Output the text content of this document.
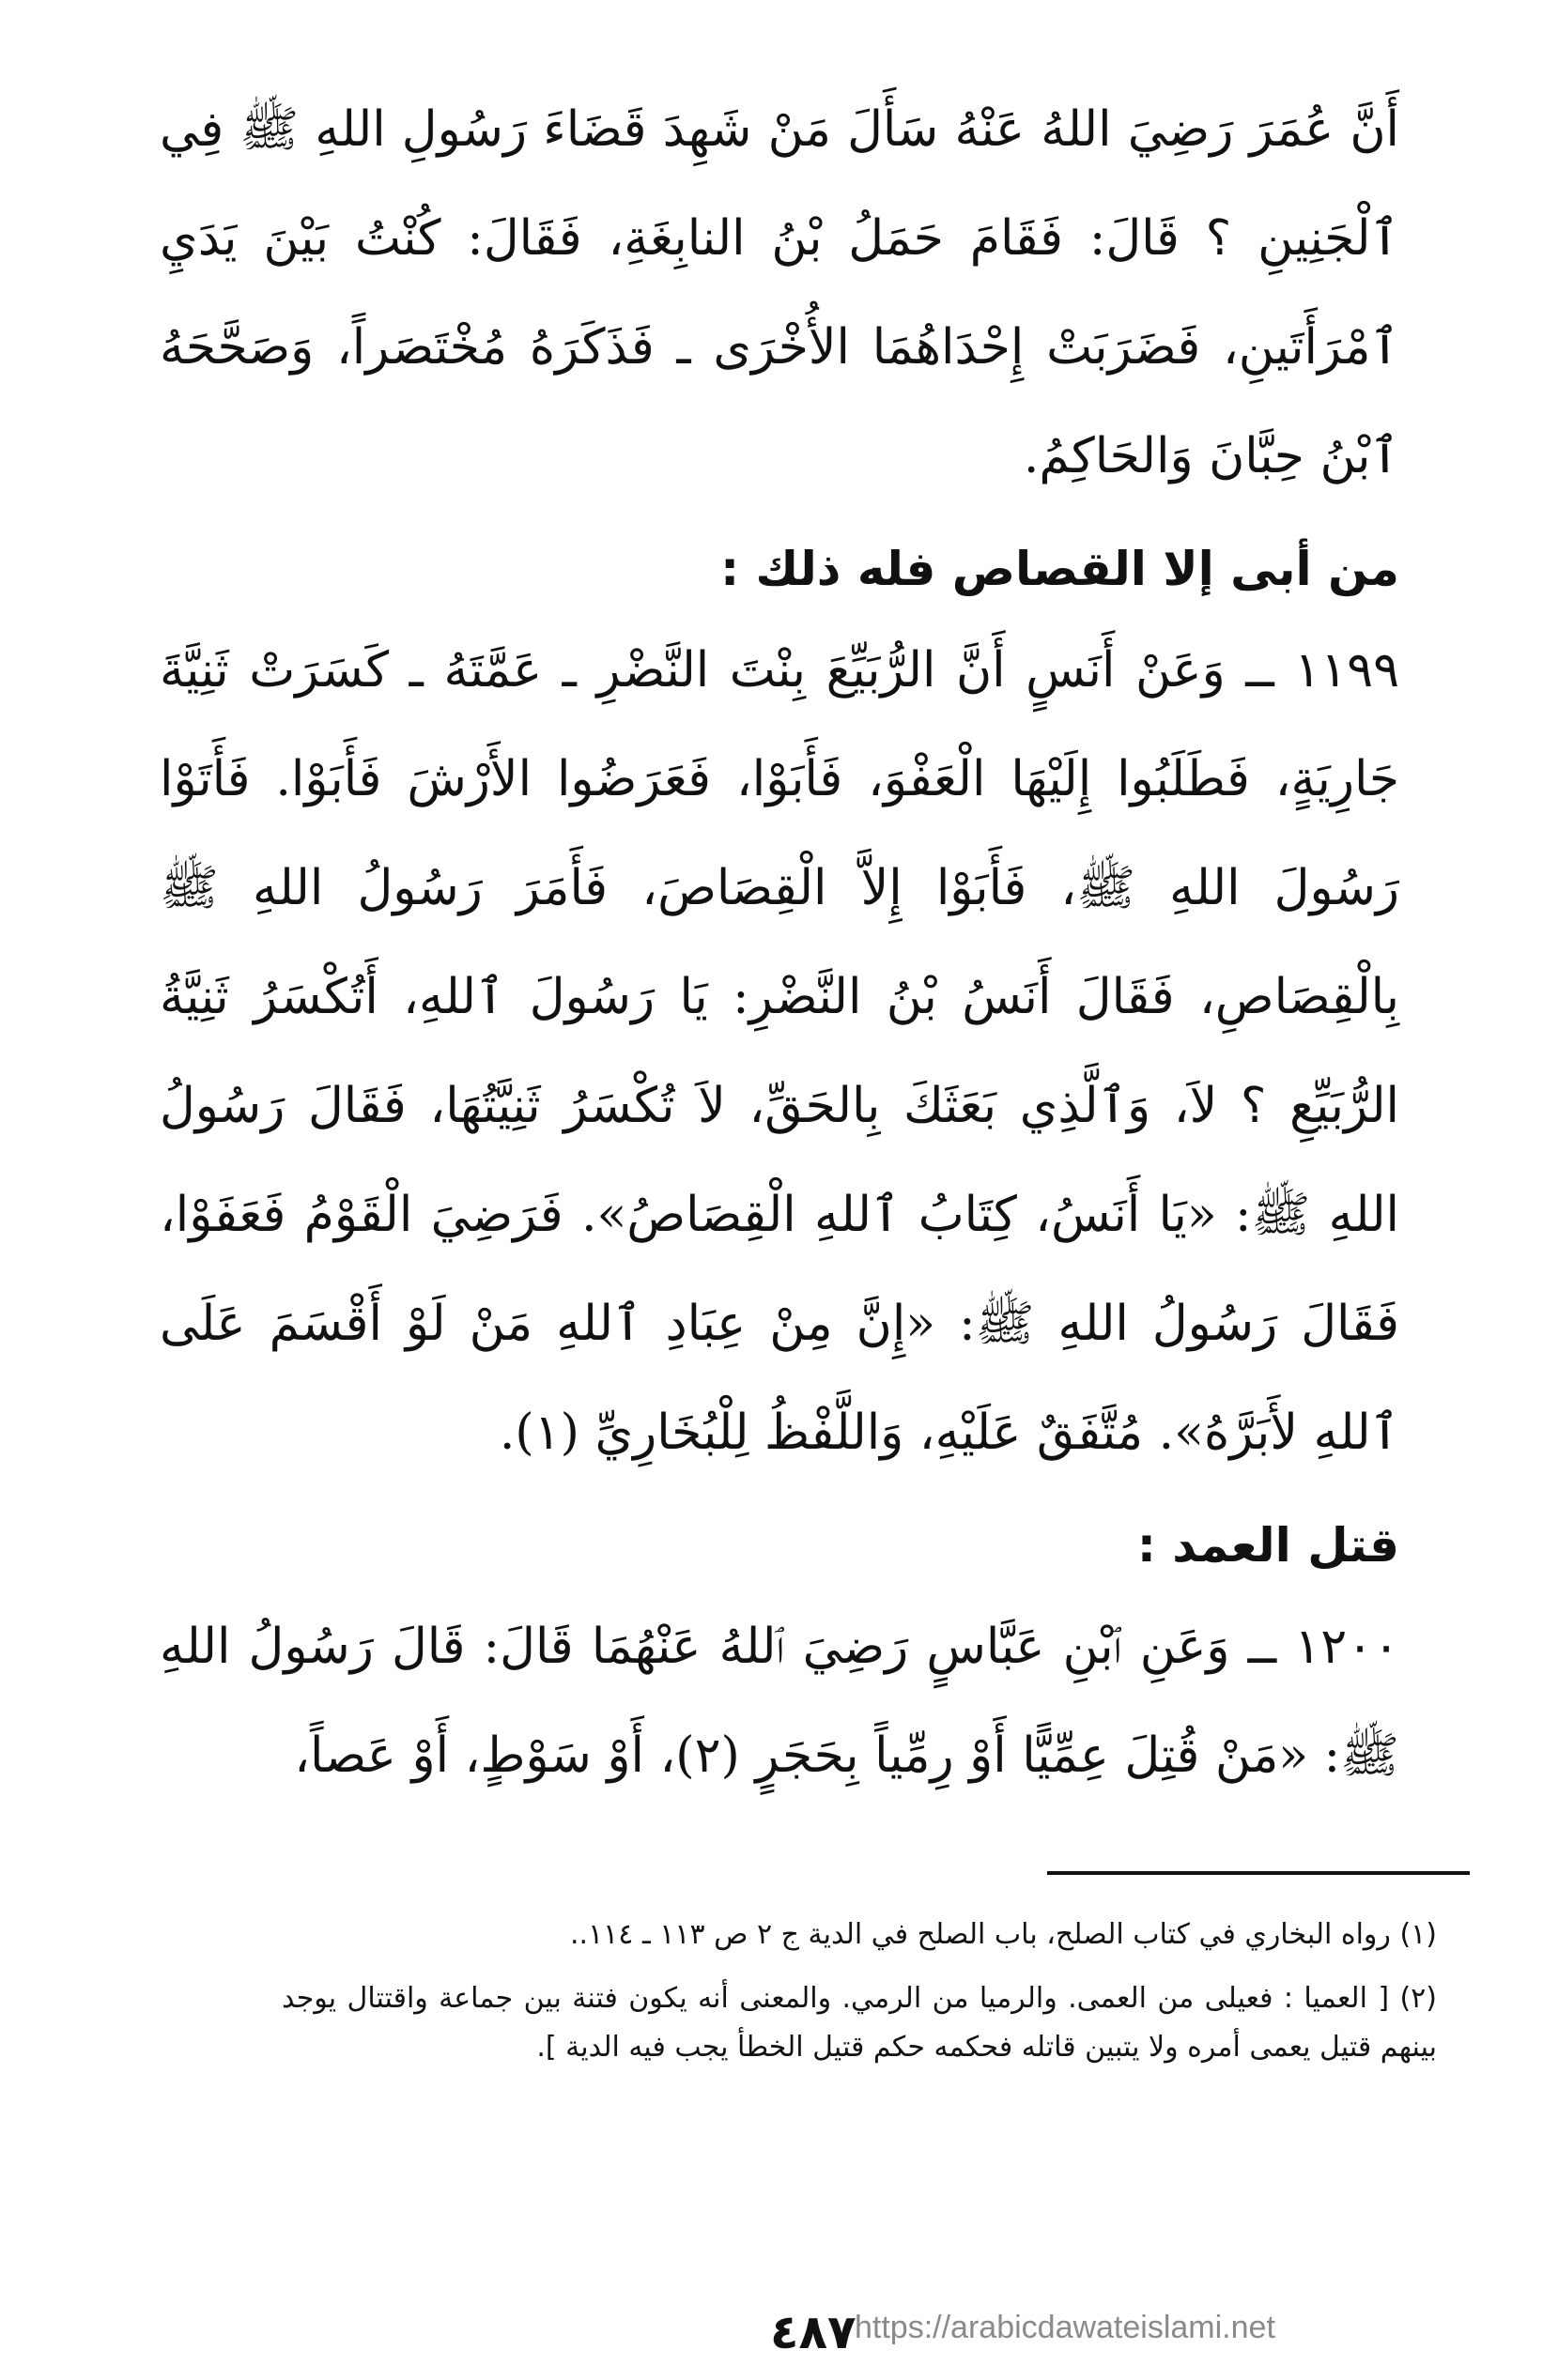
أَنَّ عُمَرَ رَضِيَ اللهُ عَنْهُ سَأَلَ مَنْ شَهِدَ قَضَاءَ رَسُولِ اللهِ ﷺ فِي ٱلْجَنِينِ ؟ قَالَ: فَقَامَ حَمَلُ بْنُ النابِغَةِ، فَقَالَ: كُنْتُ بَيْنَ يَدَيِ ٱمْرَأَتَينِ، فَضَرَبَتْ إِحْدَاهُمَا الأُخْرَى ـ فَذَكَرَهُ مُخْتَصَراً، وَصَحَّحَهُ ٱبْنُ حِبَّانَ وَالحَاكِمُ.

من أبى إلا القصاص فله ذلك :

١١٩٩ ــ وَعَنْ أَنَسٍ أَنَّ الرُّبَيِّعَ بِنْتَ النَّضْرِ ـ عَمَّتَهُ ـ كَسَرَتْ ثَنِيَّةَ جَارِيَةٍ، فَطَلَبُوا إِلَيْهَا الْعَفْوَ، فَأَبَوْا، فَعَرَضُوا الأَرْشَ فَأَبَوْا. فَأَتَوْا رَسُولَ اللهِ ﷺ، فَأَبَوْا إِلاَّ الْقِصَاصَ، فَأَمَرَ رَسُولُ اللهِ ﷺ بِالْقِصَاصِ، فَقَالَ أَنَسُ بْنُ النَّضْرِ: يَا رَسُولَ ٱللهِ، أَتُكْسَرُ ثَنِيَّةُ الرُّبَيِّعِ ؟ لاَ، وَٱلَّذِي بَعَثَكَ بِالحَقِّ، لاَ تُكْسَرُ ثَنِيَّتُهَا، فَقَالَ رَسُولُ اللهِ ﷺ: «يَا أَنَسُ، كِتَابُ ٱللهِ الْقِصَاصُ». فَرَضِيَ الْقَوْمُ فَعَفَوْا، فَقَالَ رَسُولُ اللهِ ﷺ: «إِنَّ مِنْ عِبَادِ ٱللهِ مَنْ لَوْ أَقْسَمَ عَلَى ٱللهِ لأَبَرَّهُ». مُتَّفَقٌ عَلَيْهِ، وَاللَّفْظُ لِلْبُخَارِيِّ (١).

قتل العمد :

١٢٠٠ ــ وَعَنِ ٱبْنِ عَبَّاسٍ رَضِيَ ٱللهُ عَنْهُمَا قَالَ: قَالَ رَسُولُ اللهِ ﷺ: «مَنْ قُتِلَ عِمِّيًّا أَوْ رِمِّياً بِحَجَرٍ (٢)، أَوْ سَوْطٍ، أَوْ عَصاً،

(١) رواه البخاري في كتاب الصلح، باب الصلح في الدية ج ٢ ص ١١٣ ـ ١١٤..

(٢) [ العميا : فعيلى من العمى. والرميا من الرمي. والمعنى أنه يكون فتنة بين جماعة واقتتال يوجد بينهم قتيل يعمى أمره ولا يتبين قاتله فحكمه حكم قتيل الخطأ يجب فيه الدية ].

٤٨٧
https://arabicdawateislami.net
